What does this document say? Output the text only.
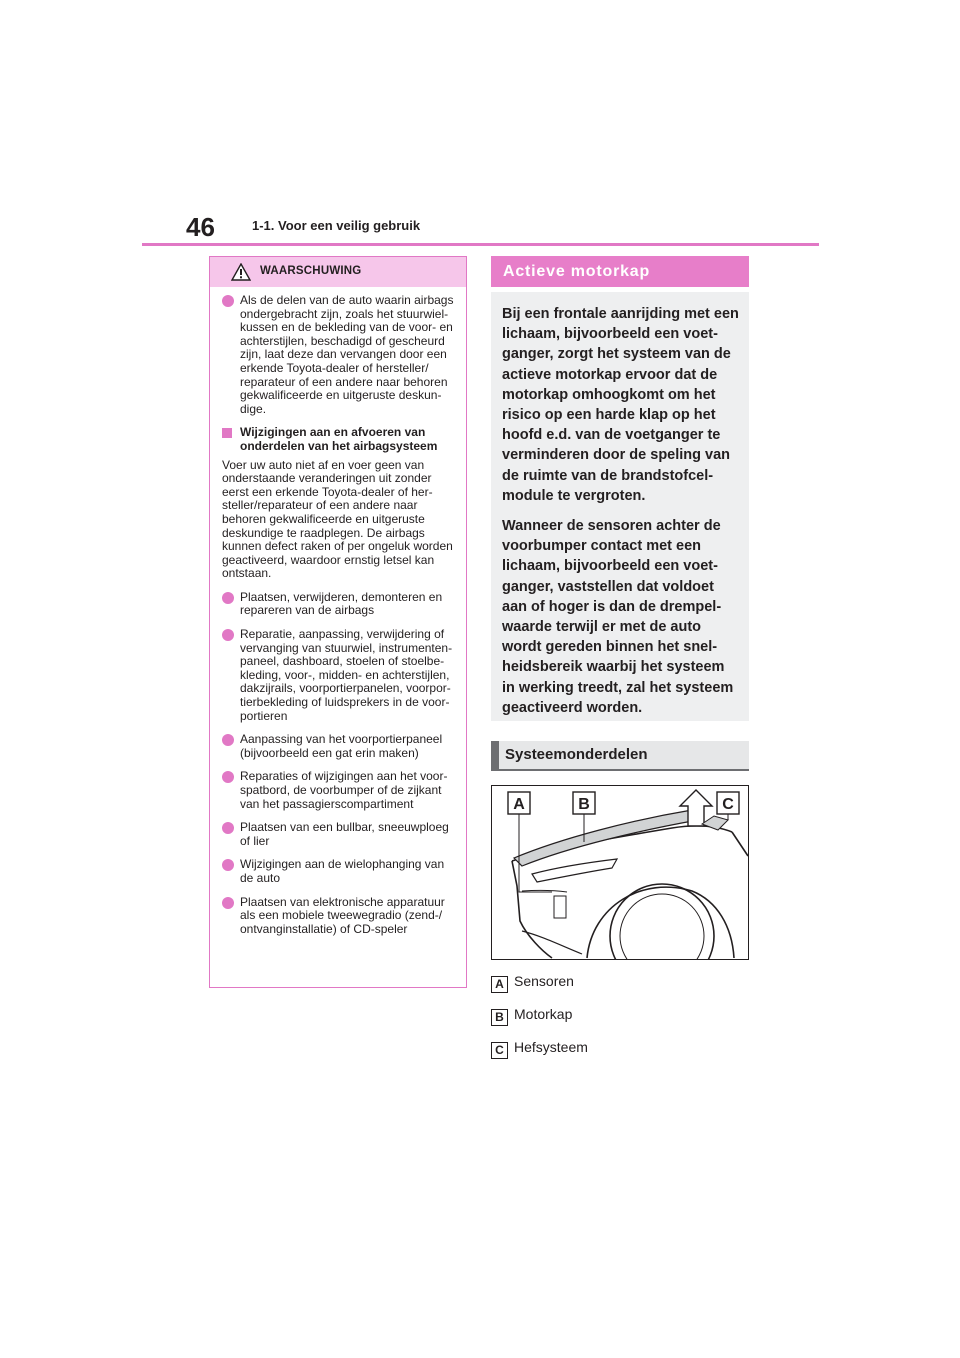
46	1-1. Voor een veilig gebruik
WAARSCHUWING
Als de delen van de auto waarin airbags ondergebracht zijn, zoals het stuurwielkussen en de bekleding van de voor- en achterstijlen, beschadigd of gescheurd zijn, laat deze dan vervangen door een erkende Toyota-dealer of hersteller/ reparateur of een andere naar behoren gekwalificeerde en uitgeruste deskundige.
Wijzigingen aan en afvoeren van onderdelen van het airbagsysteem
Voer uw auto niet af en voer geen van onderstaande veranderingen uit zonder eerst een erkende Toyota-dealer of hersteller/reparateur of een andere naar behoren gekwalificeerde en uitgeruste deskundige te raadplegen. De airbags kunnen defect raken of per ongeluk worden geactiveerd, waardoor ernstig letsel kan ontstaan.
Plaatsen, verwijderen, demonteren en repareren van de airbags
Reparatie, aanpassing, verwijdering of vervanging van stuurwiel, instrumentenpaneel, dashboard, stoelen of stoelbekleding, voor-, midden- en achterstijlen, dakzijrails, voorportierpanelen, voorportierbekleding of luidsprekers in de voorportieren
Aanpassing van het voorportierpaneel (bijvoorbeeld een gat erin maken)
Reparaties of wijzigingen aan het voorspatbord, de voorbumper of de zijkant van het passagierscompartiment
Plaatsen van een bullbar, sneeuwploeg of lier
Wijzigingen aan de wielophanging van de auto
Plaatsen van elektronische apparatuur als een mobiele tweewegradio (zend-/ ontvanginstallatie) of CD-speler
Actieve motorkap

Bij een frontale aanrijding met een lichaam, bijvoorbeeld een voetganger, zorgt het systeem van de actieve motorkap ervoor dat de motorkap omhoogkomt om het risico op een harde klap op het hoofd e.d. van de voetganger te verminderen door de speling van de ruimte van de brandstofcelmodule te vergroten.

Wanneer de sensoren achter de voorbumper contact met een lichaam, bijvoorbeeld een voetganger, vaststellen dat voldoet aan of hoger is dan de drempelwaarde terwijl er met de auto wordt gereden binnen het snelheidsbereik waarbij het systeem in werking treedt, zal het systeem geactiveerd worden.

Systeemonderdelen
A	B	C
A Sensoren
B Motorkap
C Hefsysteem
